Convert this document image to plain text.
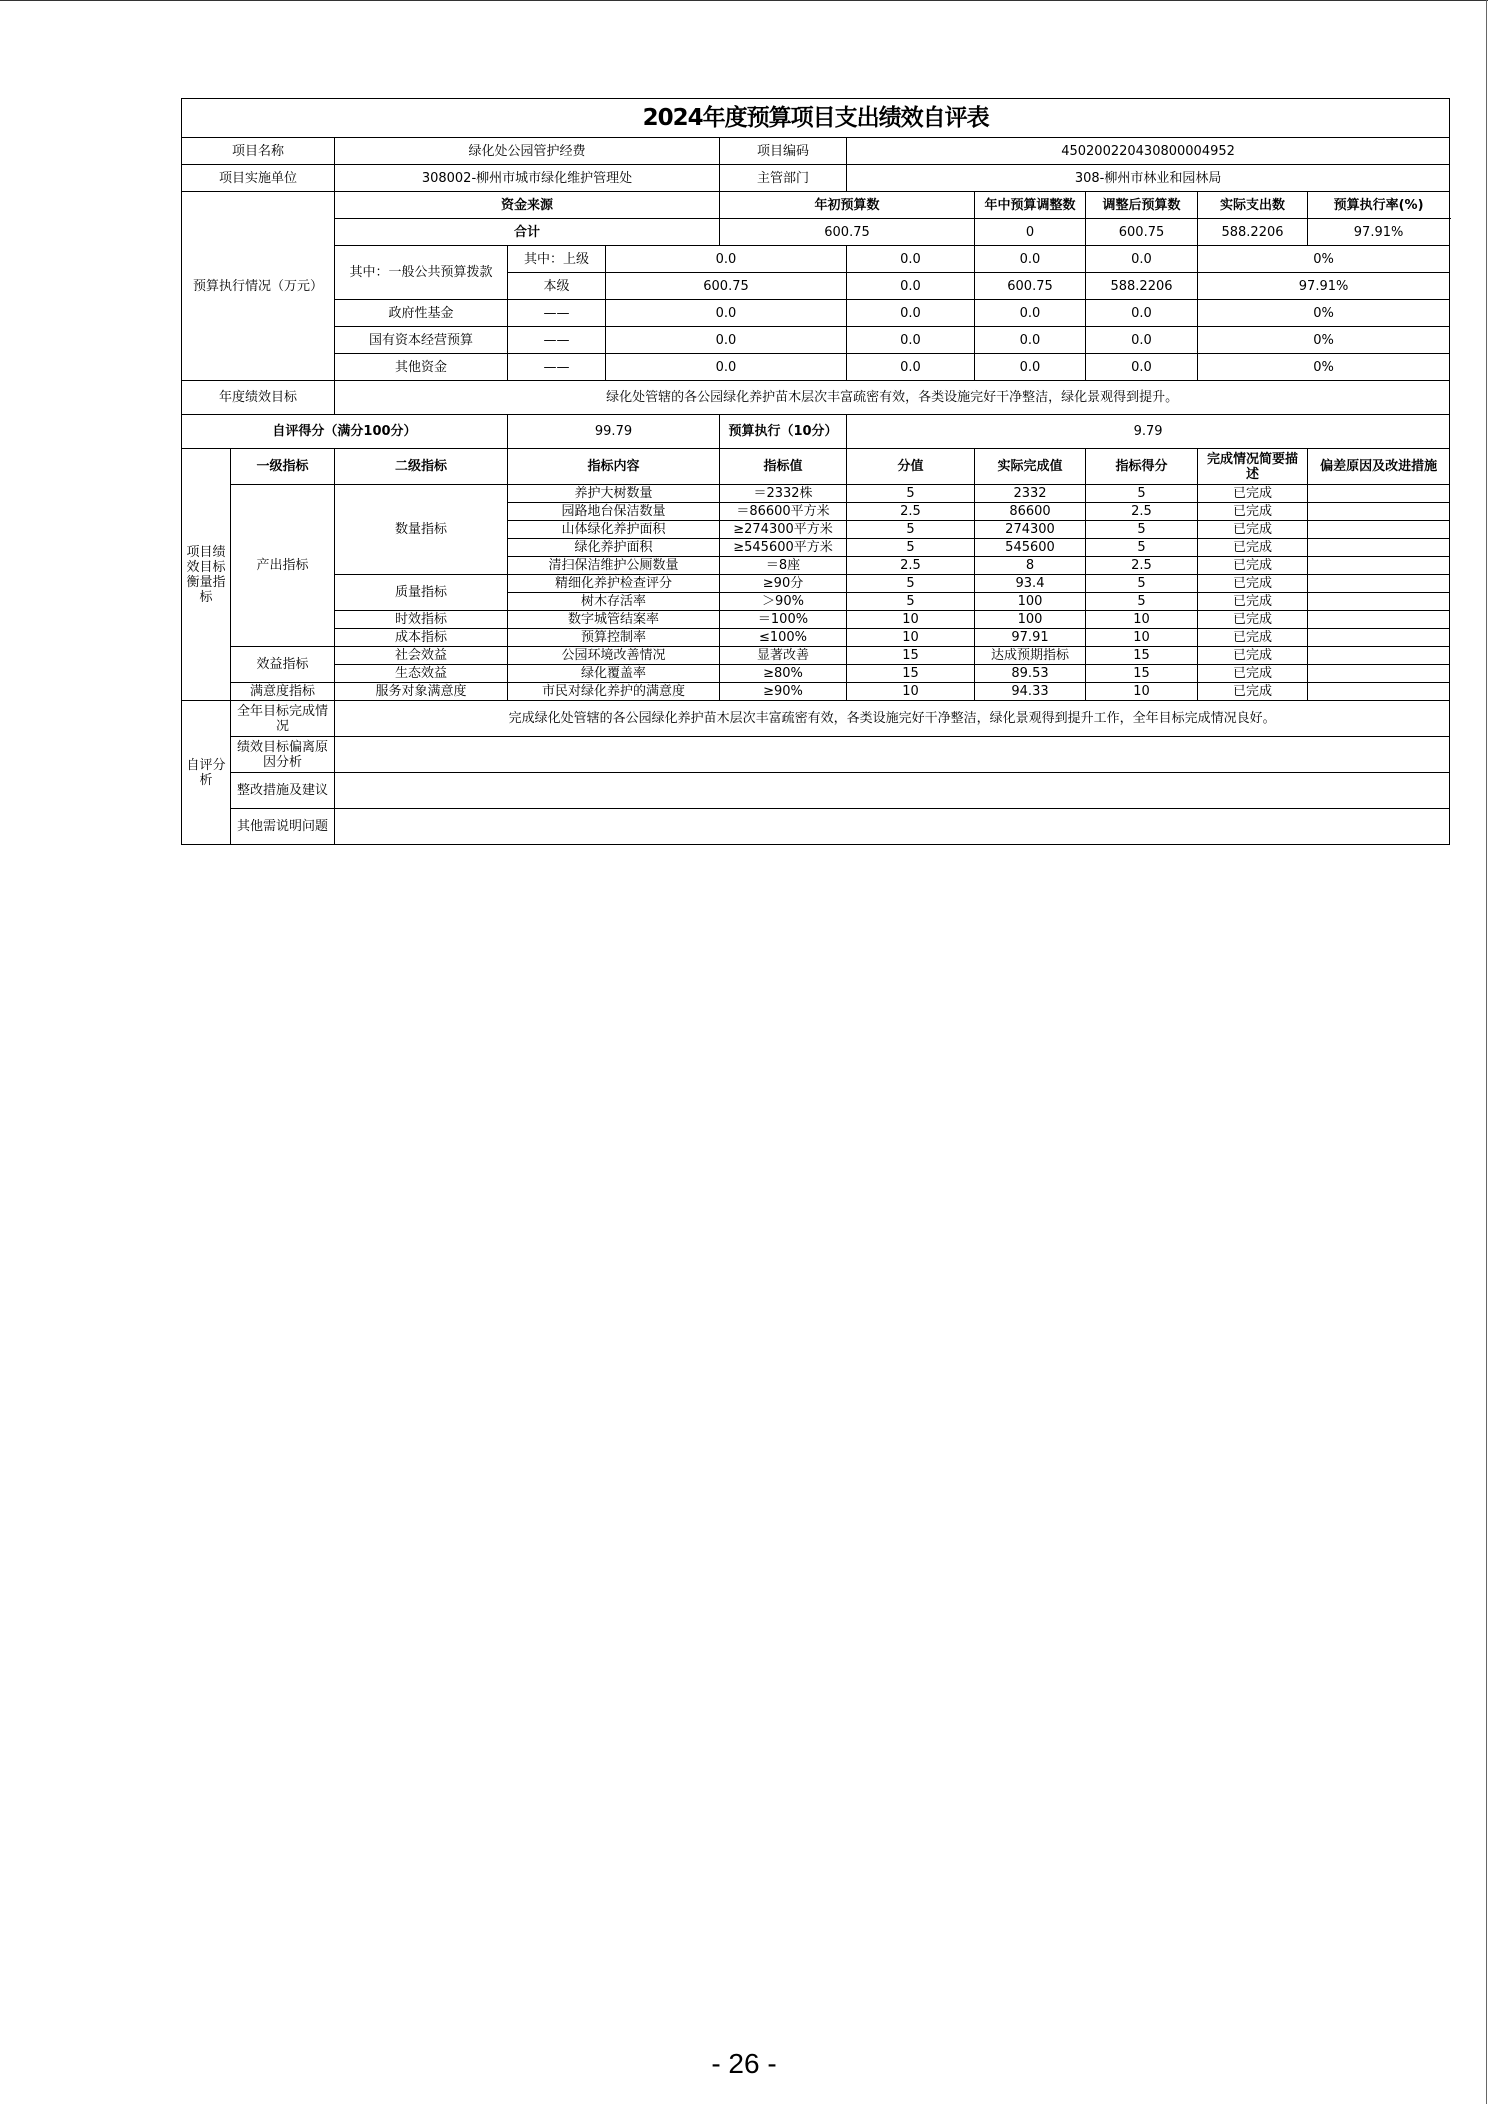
2024年度预算项目支出绩效自评表										
项目名称		绿化处公园管护经费			项目编码	450200220430800004952				
项目实施单位		308002-柳州市城市绿化维护管理处			主管部门	308-柳州市林业和园林局				
预算执行情况（万元）		资金来源			年初预算数		年中预算调整数	调整后预算数	实际支出数	预算执行率(%)
		合计			600.75		0	600.75	588.2206	97.91%
		其中：一般公共预算拨款	其中：上级	0.0		0.0	0.0	0.0	0%	
			本级	600.75		0.0	600.75	588.2206	97.91%	
		政府性基金	——	0.0		0.0	0.0	0.0	0%	
		国有资本经营预算	——	0.0		0.0	0.0	0.0	0%	
		其他资金	——	0.0		0.0	0.0	0.0	0%	
年度绩效目标		绿化处管辖的各公园绿化养护苗木层次丰富疏密有效，各类设施完好干净整洁，绿化景观得到提升。								
自评得分（满分100分）			99.79		预算执行（10分）	9.79				
项目绩效目标衡量指标	一级指标	二级指标	指标内容		指标值	分值	实际完成值	指标得分	完成情况简要描述	偏差原因及改进措施
	产出指标	数量指标	养护大树数量		＝2332株	5	2332	5	已完成	
			园路地台保洁数量		＝86600平方米	2.5	86600	2.5	已完成	
			山体绿化养护面积		≥274300平方米	5	274300	5	已完成	
			绿化养护面积		≥545600平方米	5	545600	5	已完成	
			清扫保洁维护公厕数量		＝8座	2.5	8	2.5	已完成	
		质量指标	精细化养护检查评分		≥90分	5	93.4	5	已完成	
			树木存活率		＞90%	5	100	5	已完成	
		时效指标	数字城管结案率		＝100%	10	100	10	已完成	
		成本指标	预算控制率		≤100%	10	97.91	10	已完成	
	效益指标	社会效益	公园环境改善情况		显著改善	15	达成预期指标	15	已完成	
		生态效益	绿化覆盖率		≥80%	15	89.53	15	已完成	
	满意度指标	服务对象满意度	市民对绿化养护的满意度		≥90%	10	94.33	10	已完成	
自评分析	全年目标完成情况	完成绿化处管辖的各公园绿化养护苗木层次丰富疏密有效，各类设施完好干净整洁，绿化景观得到提升工作，全年目标完成情况良好。								
	绩效目标偏离原因分析									
	整改措施及建议									
	其他需说明问题									
- 26 -
